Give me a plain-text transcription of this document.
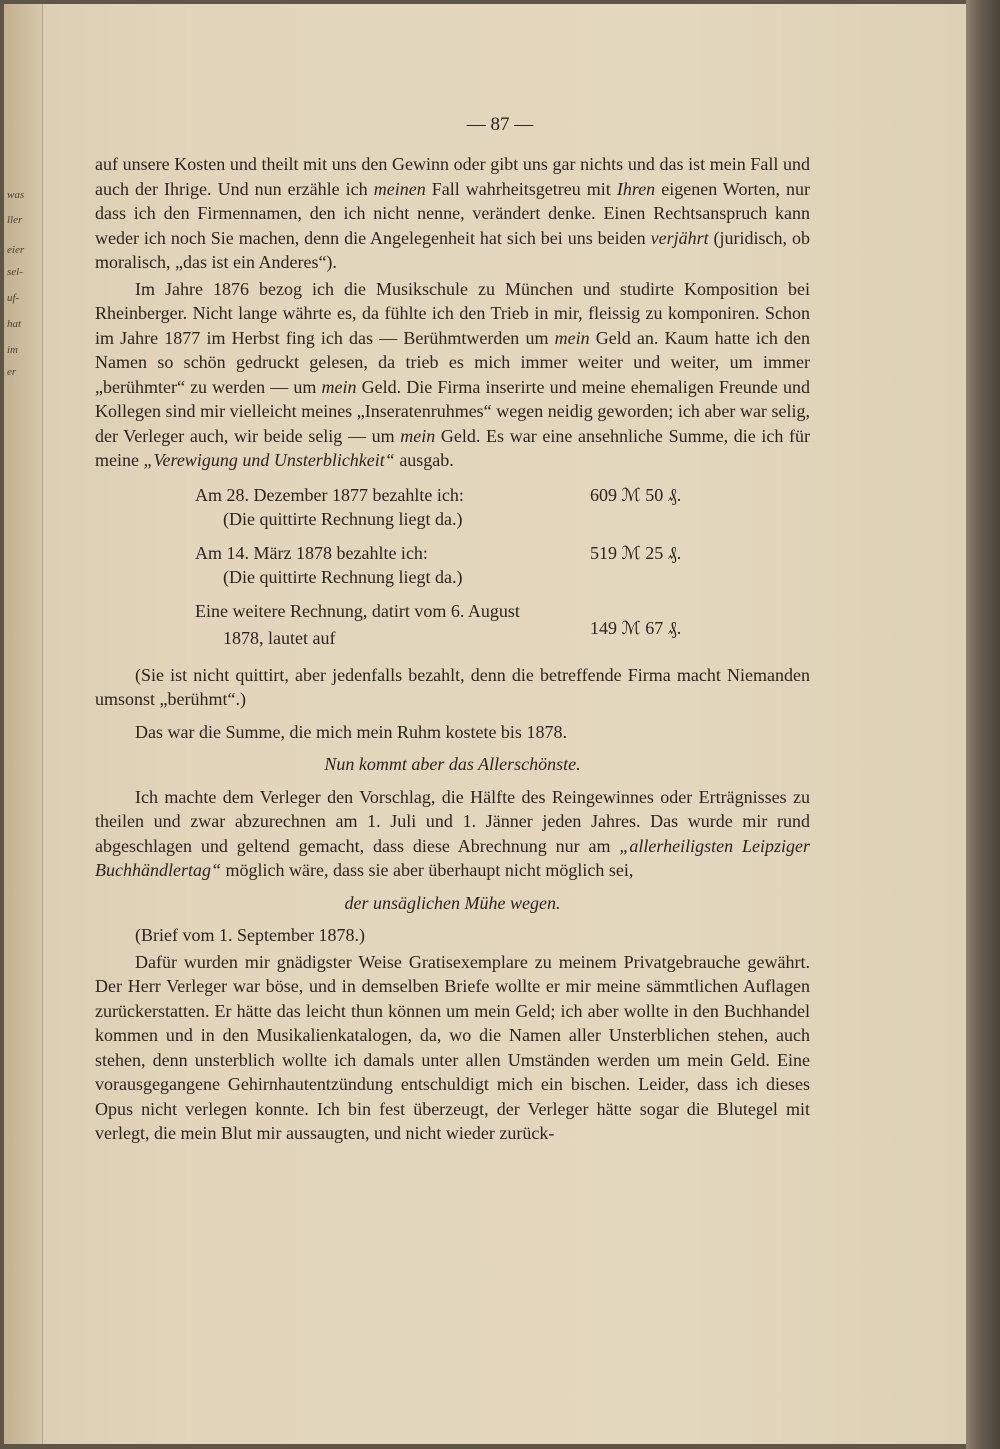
was
ller
eier
sel-
uf-
hat
im
er
— 87 —

auf unsere Kosten und theilt mit uns den Gewinn oder gibt uns gar nichts und das ist mein Fall und auch der Ihrige. Und nun erzähle ich meinen Fall wahrheitsgetreu mit Ihren eigenen Worten, nur dass ich den Firmennamen, den ich nicht nenne, verändert denke. Einen Rechtsanspruch kann weder ich noch Sie machen, denn die Angelegenheit hat sich bei uns beiden verjährt (juridisch, ob moralisch, „das ist ein Anderes“).

Im Jahre 1876 bezog ich die Musikschule zu München und studirte Komposition bei Rheinberger. Nicht lange währte es, da fühlte ich den Trieb in mir, fleissig zu komponiren. Schon im Jahre 1877 im Herbst fing ich das — Berühmtwerden um mein Geld an. Kaum hatte ich den Namen so schön gedruckt gelesen, da trieb es mich immer weiter und weiter, um immer „berühmter“ zu werden — um mein Geld. Die Firma inserirte und meine ehemaligen Freunde und Kollegen sind mir vielleicht meines „Inseratenruhmes“ wegen neidig geworden; ich aber war selig, der Verleger auch, wir beide selig — um mein Geld. Es war eine ansehnliche Summe, die ich für meine „Verewigung und Unsterblichkeit“ ausgab.

Am 28. Dezember 1877 bezahlte ich:	609 ℳ 50 ₰.
(Die quittirte Rechnung liegt da.)
Am 14. März 1878 bezahlte ich:	519 ℳ 25 ₰.
(Die quittirte Rechnung liegt da.)
Eine weitere Rechnung, datirt vom 6. August
1878, lautet auf	149 ℳ 67 ₰.

(Sie ist nicht quittirt, aber jedenfalls bezahlt, denn die betreffende Firma macht Niemanden umsonst „berühmt“.)

Das war die Summe, die mich mein Ruhm kostete bis 1878.

Nun kommt aber das Allerschönste.

Ich machte dem Verleger den Vorschlag, die Hälfte des Reingewinnes oder Erträgnisses zu theilen und zwar abzurechnen am 1. Juli und 1. Jänner jeden Jahres. Das wurde mir rund abgeschlagen und geltend gemacht, dass diese Abrechnung nur am „allerheiligsten Leipziger Buchhändlertag“ möglich wäre, dass sie aber überhaupt nicht möglich sei,

der unsäglichen Mühe wegen.

(Brief vom 1. September 1878.)

Dafür wurden mir gnädigster Weise Gratisexemplare zu meinem Privatgebrauche gewährt. Der Herr Verleger war böse, und in demselben Briefe wollte er mir meine sämmtlichen Auflagen zurückerstatten. Er hätte das leicht thun können um mein Geld; ich aber wollte in den Buchhandel kommen und in den Musikalienkatalogen, da, wo die Namen aller Unsterblichen stehen, auch stehen, denn unsterblich wollte ich damals unter allen Umständen werden um mein Geld. Eine vorausgegangene Gehirnhautentzündung entschuldigt mich ein bischen. Leider, dass ich dieses Opus nicht verlegen konnte. Ich bin fest überzeugt, der Verleger hätte sogar die Blutegel mit verlegt, die mein Blut mir aussaugten, und nicht wieder zurück-
